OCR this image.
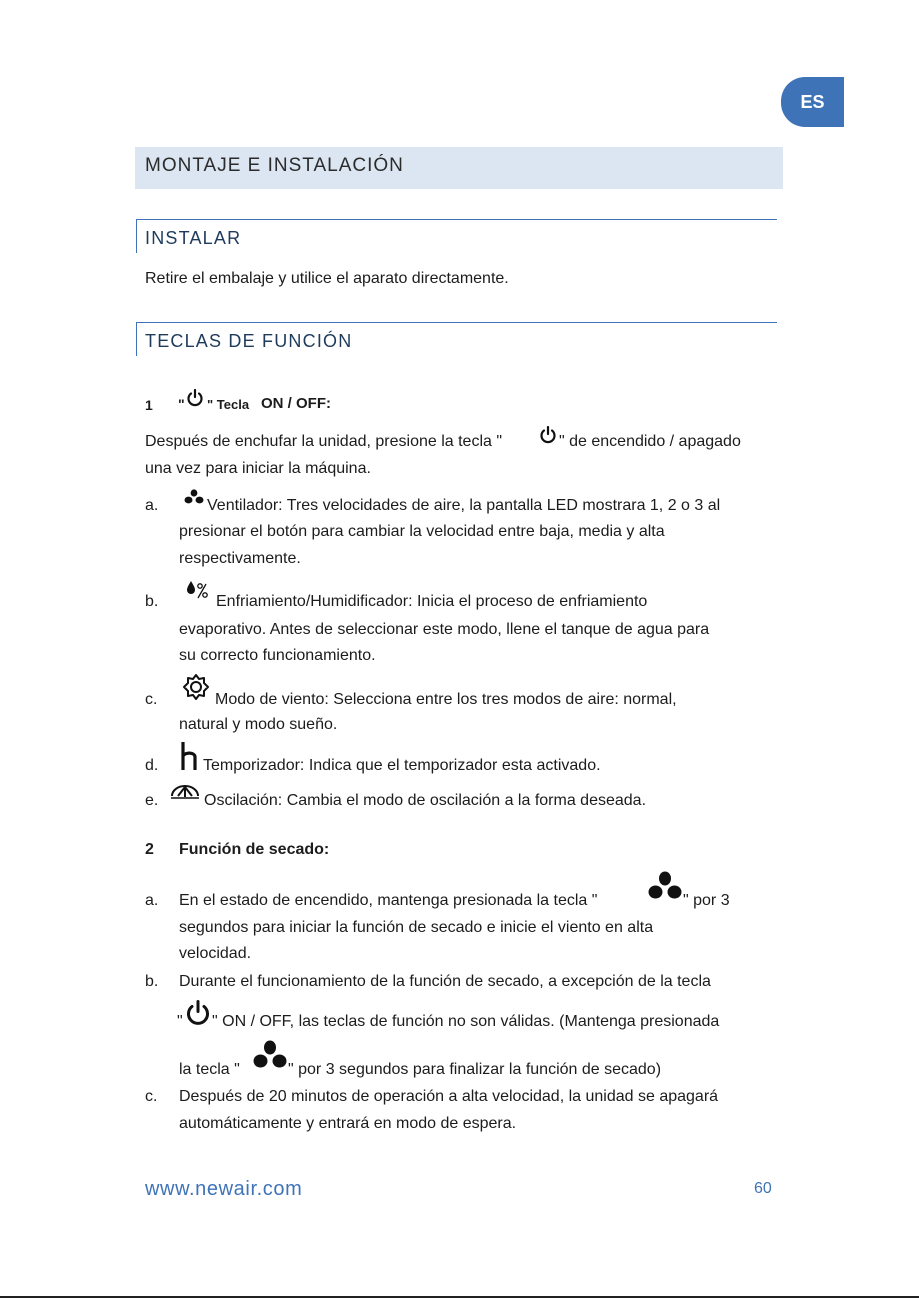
ES
MONTAJE E INSTALACIÓN
INSTALAR
Retire el embalaje y utilice el aparato directamente.
TECLAS DE FUNCIÓN
1 " " Tecla ON / OFF:
Después de enchufar la unidad, presione la tecla "	" de encendido / apagado
una vez para iniciar la máquina.
a.	Ventilador: Tres velocidades de aire, la pantalla LED mostrara 1, 2 o 3 al
presionar el botón para cambiar la velocidad entre baja, media y alta
respectivamente.
b.	Enfriamiento/Humidificador: Inicia el proceso de enfriamiento
evaporativo. Antes de seleccionar este modo, llene el tanque de agua para
su correcto funcionamiento.
c.	Modo de viento: Selecciona entre los tres modos de aire: normal,
natural y modo sueño.
d.	Temporizador: Indica que el temporizador esta activado.
e.	Oscilación: Cambia el modo de oscilación a la forma deseada.
2 Función de secado:
a. En el estado de encendido, mantenga presionada la tecla "	" por 3
segundos para iniciar la función de secado e inicie el viento en alta
velocidad.
b. Durante el funcionamiento de la función de secado, a excepción de la tecla
" " ON / OFF, las teclas de función no son válidas. (Mantenga presionada
la tecla "	" por 3 segundos para finalizar la función de secado)
c. Después de 20 minutos de operación a alta velocidad, la unidad se apagará
automáticamente y entrará en modo de espera.
www.newair.com	60
